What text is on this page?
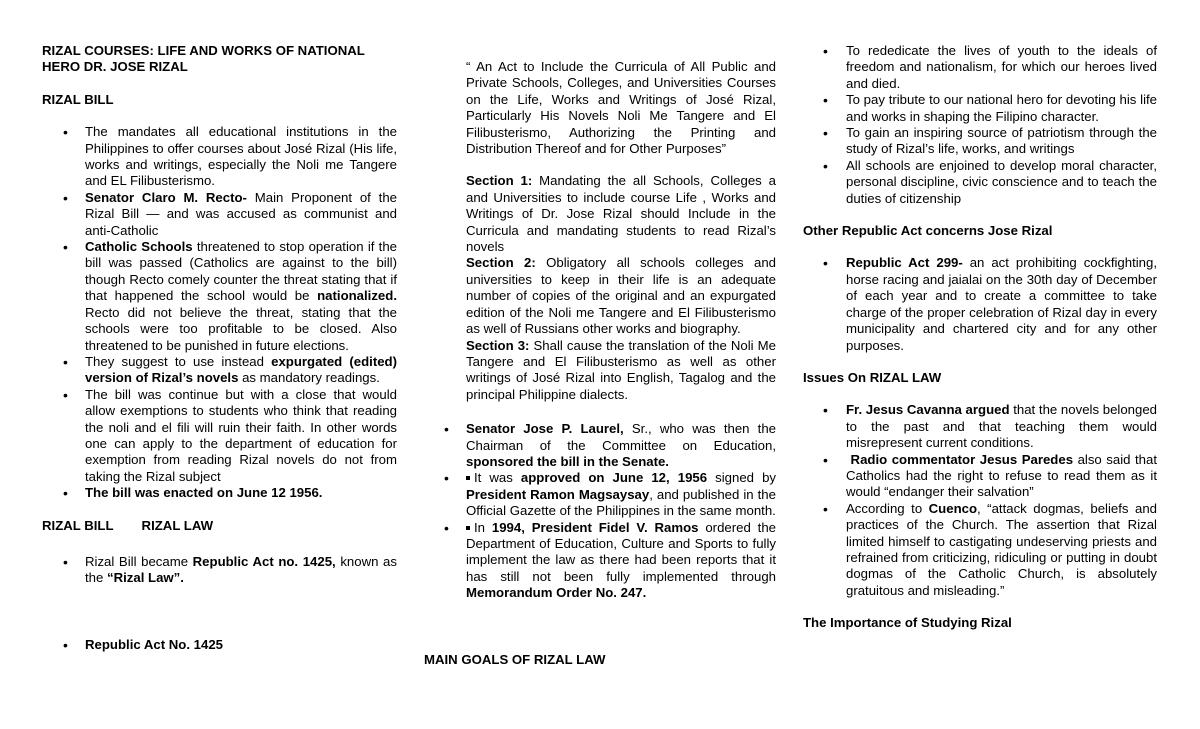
RIZAL COURSES: LIFE AND WORKS OF NATIONAL HERO DR. JOSE RIZAL

RIZAL BILL

• The mandates all educational institutions in the Philippines to offer courses about José Rizal (His life, works and writings, especially the Noli me Tangere and EL Filibusterismo.
• Senator Claro M. Recto- Main Proponent of the Rizal Bill — and was accused as communist and anti-Catholic
• Catholic Schools threatened to stop operation if the bill was passed (Catholics are against to the bill) though Recto comely counter the threat stating that if that happened the school would be nationalized. Recto did not believe the threat, stating that the schools were too profitable to be closed. Also threatened to be punished in future elections.
• They suggest to use instead expurgated (edited) version of Rizal’s novels as mandatory readings.
• The bill was continue but with a close that would allow exemptions to students who think that reading the noli and el fili will ruin their faith. In other words one can apply to the department of education for exemption from reading Rizal novels do not from taking the Rizal subject
• The bill was enacted on June 12 1956.

RIZAL BILL RIZAL LAW

• Rizal Bill became Republic Act no. 1425, known as the “Rizal Law”.
• Republic Act No. 1425

“ An Act to Include the Curricula of All Public and Private Schools, Colleges, and Universities Courses on the Life, Works and Writings of José Rizal, Particularly His Novels Noli Me Tangere and El Filibusterismo, Authorizing the Printing and Distribution Thereof and for Other Purposes”

Section 1: Mandating the all Schools, Colleges a and Universities to include course Life , Works and Writings of Dr. Jose Rizal should Include in the Curricula and mandating students to read Rizal’s novels

Section 2: Obligatory all schools colleges and universities to keep in their life is an adequate number of copies of the original and an expurgated edition of the Noli me Tangere and El Filibusterismo as well of Russians other works and biography.

Section 3: Shall cause the translation of the Noli Me Tangere and El Filibusterismo as well as other writings of José Rizal into English, Tagalog and the principal Philippine dialects.

• Senator Jose P. Laurel, Sr., who was then the Chairman of the Committee on Education, sponsored the bill in the Senate.
• It was approved on June 12, 1956 signed by President Ramon Magsaysay, and published in the Official Gazette of the Philippines in the same month.
• In 1994, President Fidel V. Ramos ordered the Department of Education, Culture and Sports to fully implement the law as there had been reports that it has still not been fully implemented through Memorandum Order No. 247.

MAIN GOALS OF RIZAL LAW

• To rededicate the lives of youth to the ideals of freedom and nationalism, for which our heroes lived and died.
• To pay tribute to our national hero for devoting his life and works in shaping the Filipino character.
• To gain an inspiring source of patriotism through the study of Rizal’s life, works, and writings
• All schools are enjoined to develop moral character, personal discipline, civic conscience and to teach the duties of citizenship

Other Republic Act concerns Jose Rizal

• Republic Act 299- an act prohibiting cockfighting, horse racing and jaialai on the 30th day of December of each year and to create a committee to take charge of the proper celebration of Rizal day in every municipality and chartered city and for any other purposes.

Issues On RIZAL LAW

• Fr. Jesus Cavanna argued that the novels belonged to the past and that teaching them would misrepresent current conditions.
• Radio commentator Jesus Paredes also said that Catholics had the right to refuse to read them as it would “endanger their salvation”
• According to Cuenco, “attack dogmas, beliefs and practices of the Church. The assertion that Rizal limited himself to castigating undeserving priests and refrained from criticizing, ridiculing or putting in doubt dogmas of the Catholic Church, is absolutely gratuitous and misleading.”

The Importance of Studying Rizal
